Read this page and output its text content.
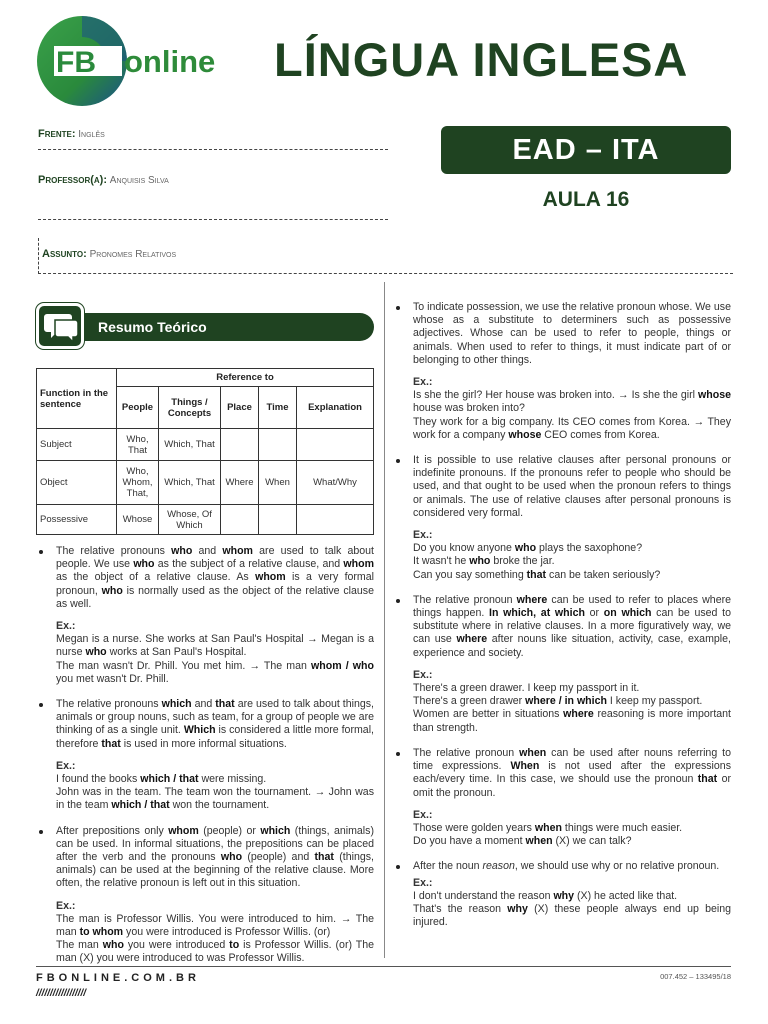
FB online LÍNGUA INGLESA
Frente: Inglês
Professor(a): Anquisis Silva
Assunto: Pronomes Relativos
EAD – ITA
AULA 16
Resumo Teórico
Function in the sentence	Reference to				
	People	Things / Concepts	Place	Time	Explanation
Subject	Who, That	Which, That			
Object	Who, Whom, That,	Which, That	Where	When	What/Why
Possessive	Whose	Whose, Of Which			

The relative pronouns who and whom are used to talk about people. We use who as the subject of a relative clause, and whom as the object of a relative clause. As whom is a very formal pronoun, who is normally used as the object of the relative clause as well.

Ex.:

Megan is a nurse. She works at San Paul's Hospital → Megan is a nurse who works at San Paul's Hospital.

The man wasn't Dr. Phill. You met him. → The man whom / who you met wasn't Dr. Phill.

The relative pronouns which and that are used to talk about things, animals or group nouns, such as team, for a group of people we are thinking of as a single unit. Which is considered a little more formal, therefore that is used in more informal situations.

Ex.:

I found the books which / that were missing.

John was in the team. The team won the tournament. → John was in the team which / that won the tournament.

After prepositions only whom (people) or which (things, animals) can be used. In informal situations, the prepositions can be placed after the verb and the pronouns who (people) and that (things, animals) can be used at the beginning of the relative clause. More often, the relative pronoun is left out in this situation.

Ex.:

The man is Professor Willis. You were introduced to him. → The man to whom you were introduced is Professor Willis. (or)

The man who you were introduced to is Professor Willis. (or) The man (X) you were introduced to was Professor Willis.

To indicate possession, we use the relative pronoun whose. We use whose as a substitute to determiners such as possessive adjectives. Whose can be used to refer to people, things or animals. When used to refer to things, it must indicate part of or belonging to other things.

Ex.:

Is she the girl? Her house was broken into. → Is she the girl whose house was broken into?

They work for a big company. Its CEO comes from Korea. → They work for a company whose CEO comes from Korea.

It is possible to use relative clauses after personal pronouns or indefinite pronouns. If the pronouns refer to people who should be used, and that ought to be used when the pronoun refers to things or animals. The use of relative clauses after personal pronouns is considered very formal.

Ex.:

Do you know anyone who plays the saxophone?

It wasn't he who broke the jar.

Can you say something that can be taken seriously?

The relative pronoun where can be used to refer to places where things happen. In which, at which or on which can be used to substitute where in relative clauses. In a more figuratively way, we can use where after nouns like situation, activity, case, example, experience and society.

Ex.:

There's a green drawer. I keep my passport in it.

There's a green drawer where / in which I keep my passport.

Women are better in situations where reasoning is more important than strength.

The relative pronoun when can be used after nouns referring to time expressions. When is not used after the expressions each/every time. In this case, we should use the pronoun that or omit the pronoun.

Ex.:

Those were golden years when things were much easier.

Do you have a moment when (X) we can talk?

After the noun reason, we should use why or no relative pronoun.

Ex.:

I don't understand the reason why (X) he acted like that.

That's the reason why (X) these people always end up being injured.

FBONLINE.COM.BR
//////////////////
007.452 – 133495/18
